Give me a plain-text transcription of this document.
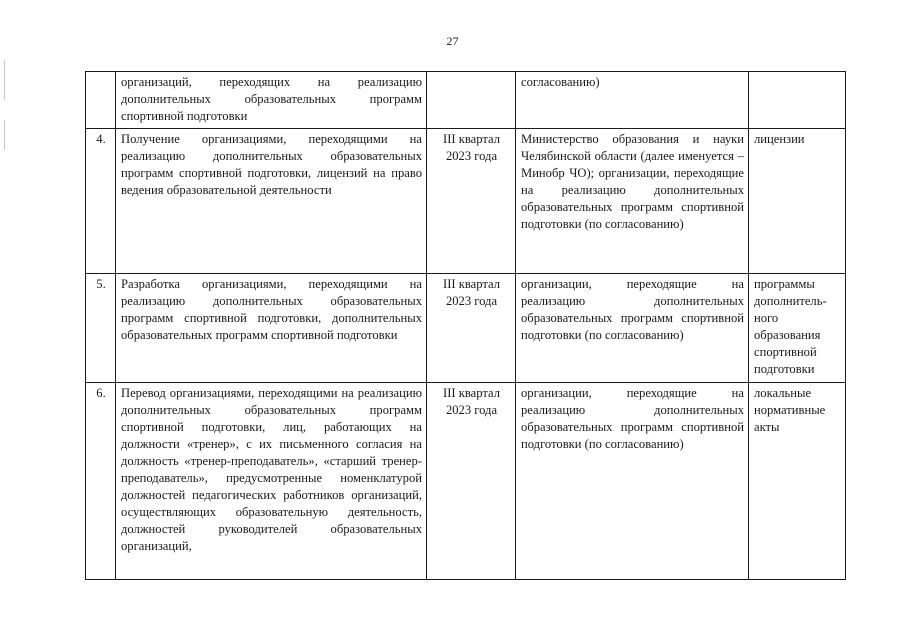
27
	организаций, переходящих на реализацию дополнительных образовательных программ спортивной подготовки		согласованию)	
4.	Получение организациями, переходящими на реализацию дополнительных образовательных программ спортивной подготовки, лицензий на право ведения образовательной деятельности	III квартал 2023 года	Министерство образования и науки Челябинской области (далее именуется – Минобр ЧО); организации, переходящие на реализацию дополнительных образовательных программ спортивной подготовки (по согласованию)	лицензии
5.	Разработка организациями, переходящими на реализацию дополнительных образовательных программ спортивной подготовки, дополнительных образовательных программ спортивной подготовки	III квартал 2023 года	организации, переходящие на реализацию дополнительных образовательных программ спортивной подготовки (по согласованию)	программы дополнитель-ного образования спортивной подготовки
6.	Перевод организациями, переходящими на реализацию дополнительных образовательных программ спортивной подготовки, лиц, работающих на должности «тренер», с их письменного согласия на должность «тренер-преподаватель», «старший тренер-преподаватель», предусмотренные номенклатурой должностей педагогических работников организаций, осуществляющих образовательную деятельность, должностей руководителей образовательных организаций,	III квартал 2023 года	организации, переходящие на реализацию дополнительных образовательных программ спортивной подготовки (по согласованию)	локальные нормативные акты
